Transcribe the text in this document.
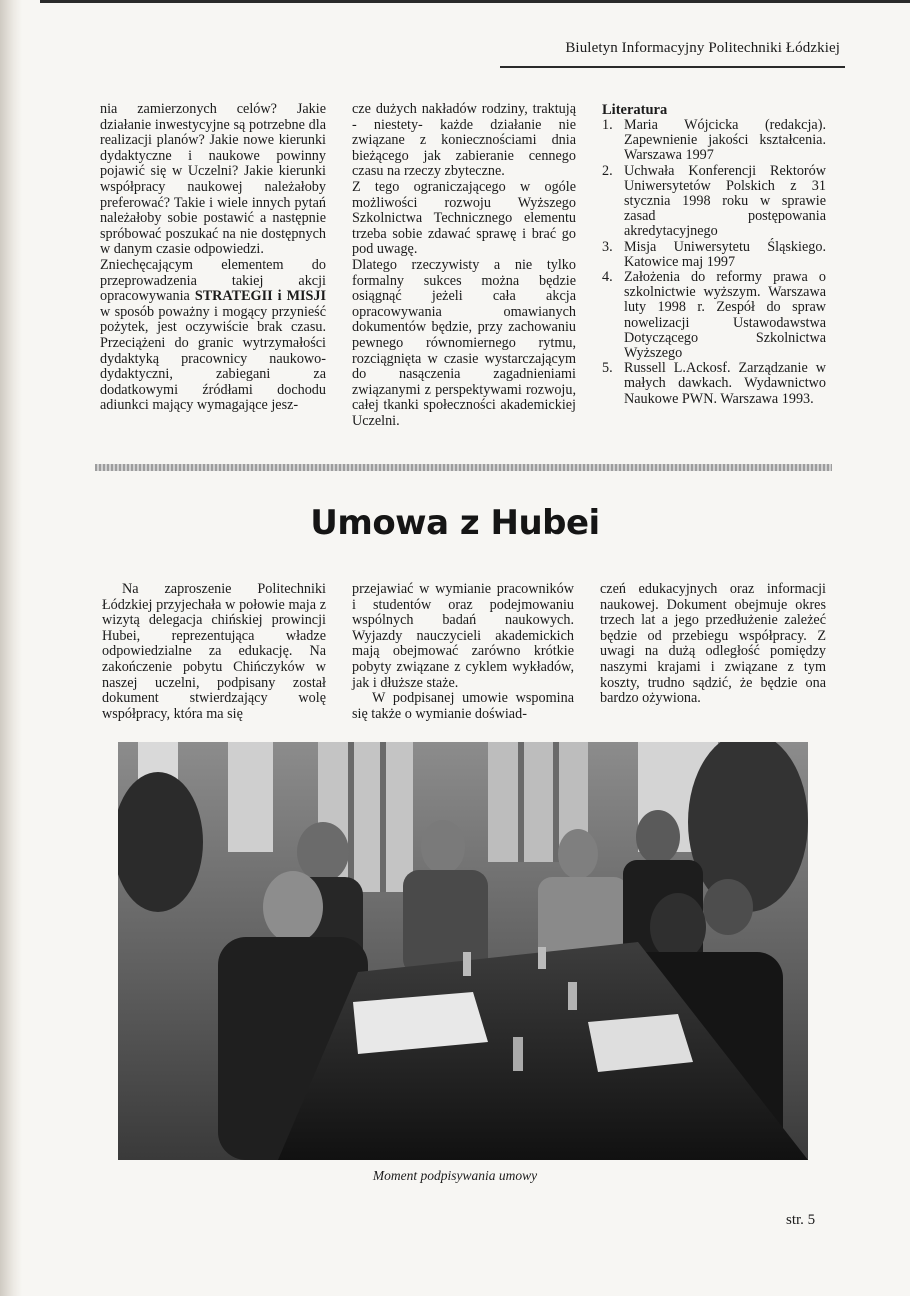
Biuletyn Informacyjny Politechniki Łódzkiej

nia zamierzonych celów? Jakie działanie inwestycyjne są potrzebne dla realizacji planów? Jakie nowe kierunki dydaktyczne i naukowe powinny pojawić się w Uczelni? Jakie kierunki współpracy naukowej należałoby preferować? Takie i wiele innych pytań należałoby sobie postawić a następnie spróbować poszukać na nie dostępnych w danym czasie odpowiedzi.

Zniechęcającym elementem do przeprowadzenia takiej akcji opracowywania STRATEGII i MISJI w sposób poważny i mogący przynieść pożytek, jest oczywiście brak czasu. Przeciążeni do granic wytrzymałości dydaktyką pracownicy naukowo-dydaktyczni, zabiegani za dodatkowymi źródłami dochodu adiunkci mający wymagające jesz-

cze dużych nakładów rodziny, traktują - niestety- każde działanie nie związane z koniecznościami dnia bieżącego jak zabieranie cennego czasu na rzeczy zbyteczne.

Z tego ograniczającego w ogóle możliwości rozwoju Wyższego Szkolnictwa Technicznego elementu trzeba sobie zdawać sprawę i brać go pod uwagę.

Dlatego rzeczywisty a nie tylko formalny sukces można będzie osiągnąć jeżeli cała akcja opracowywania omawianych dokumentów będzie, przy zachowaniu pewnego równomiernego rytmu, rozciągnięta w czasie wystarczającym do nasączenia zagadnieniami związanymi z perspektywami rozwoju, całej tkanki społeczności akademickiej Uczelni.

Literatura

1. Maria Wójcicka (redakcja). Zapewnienie jakości kształcenia. Warszawa 1997
2. Uchwała Konferencji Rektorów Uniwersytetów Polskich z 31 stycznia 1998 roku w sprawie zasad postępowania akredytacyjnego
3. Misja Uniwersytetu Śląskiego. Katowice maj 1997
4. Założenia do reformy prawa o szkolnictwie wyższym. Warszawa luty 1998 r. Zespół do spraw nowelizacji Ustawodawstwa Dotyczącego Szkolnictwa Wyższego
5. Russell L.Ackosf. Zarządzanie w małych dawkach. Wydawnictwo Naukowe PWN. Warszawa 1993.
Umowa z Hubei

Na zaproszenie Politechniki Łódzkiej przyjechała w połowie maja z wizytą delegacja chińskiej prowincji Hubei, reprezentująca władze odpowiedzialne za edukację. Na zakończenie pobytu Chińczyków w naszej uczelni, podpisany został dokument stwierdzający wolę współpracy, która ma się

przejawiać w wymianie pracowników i studentów oraz podejmowaniu wspólnych badań naukowych. Wyjazdy nauczycieli akademickich mają obejmować zarówno krótkie pobyty związane z cyklem wykładów, jak i dłuższe staże.

W podpisanej umowie wspomina się także o wymianie doświad-

czeń edukacyjnych oraz informacji naukowej. Dokument obejmuje okres trzech lat a jego przedłużenie zależeć będzie od przebiegu współpracy. Z uwagi na dużą odległość pomiędzy naszymi krajami i związane z tym koszty, trudno sądzić, że będzie ona bardzo ożywiona.

Moment podpisywania umowy
str. 5
